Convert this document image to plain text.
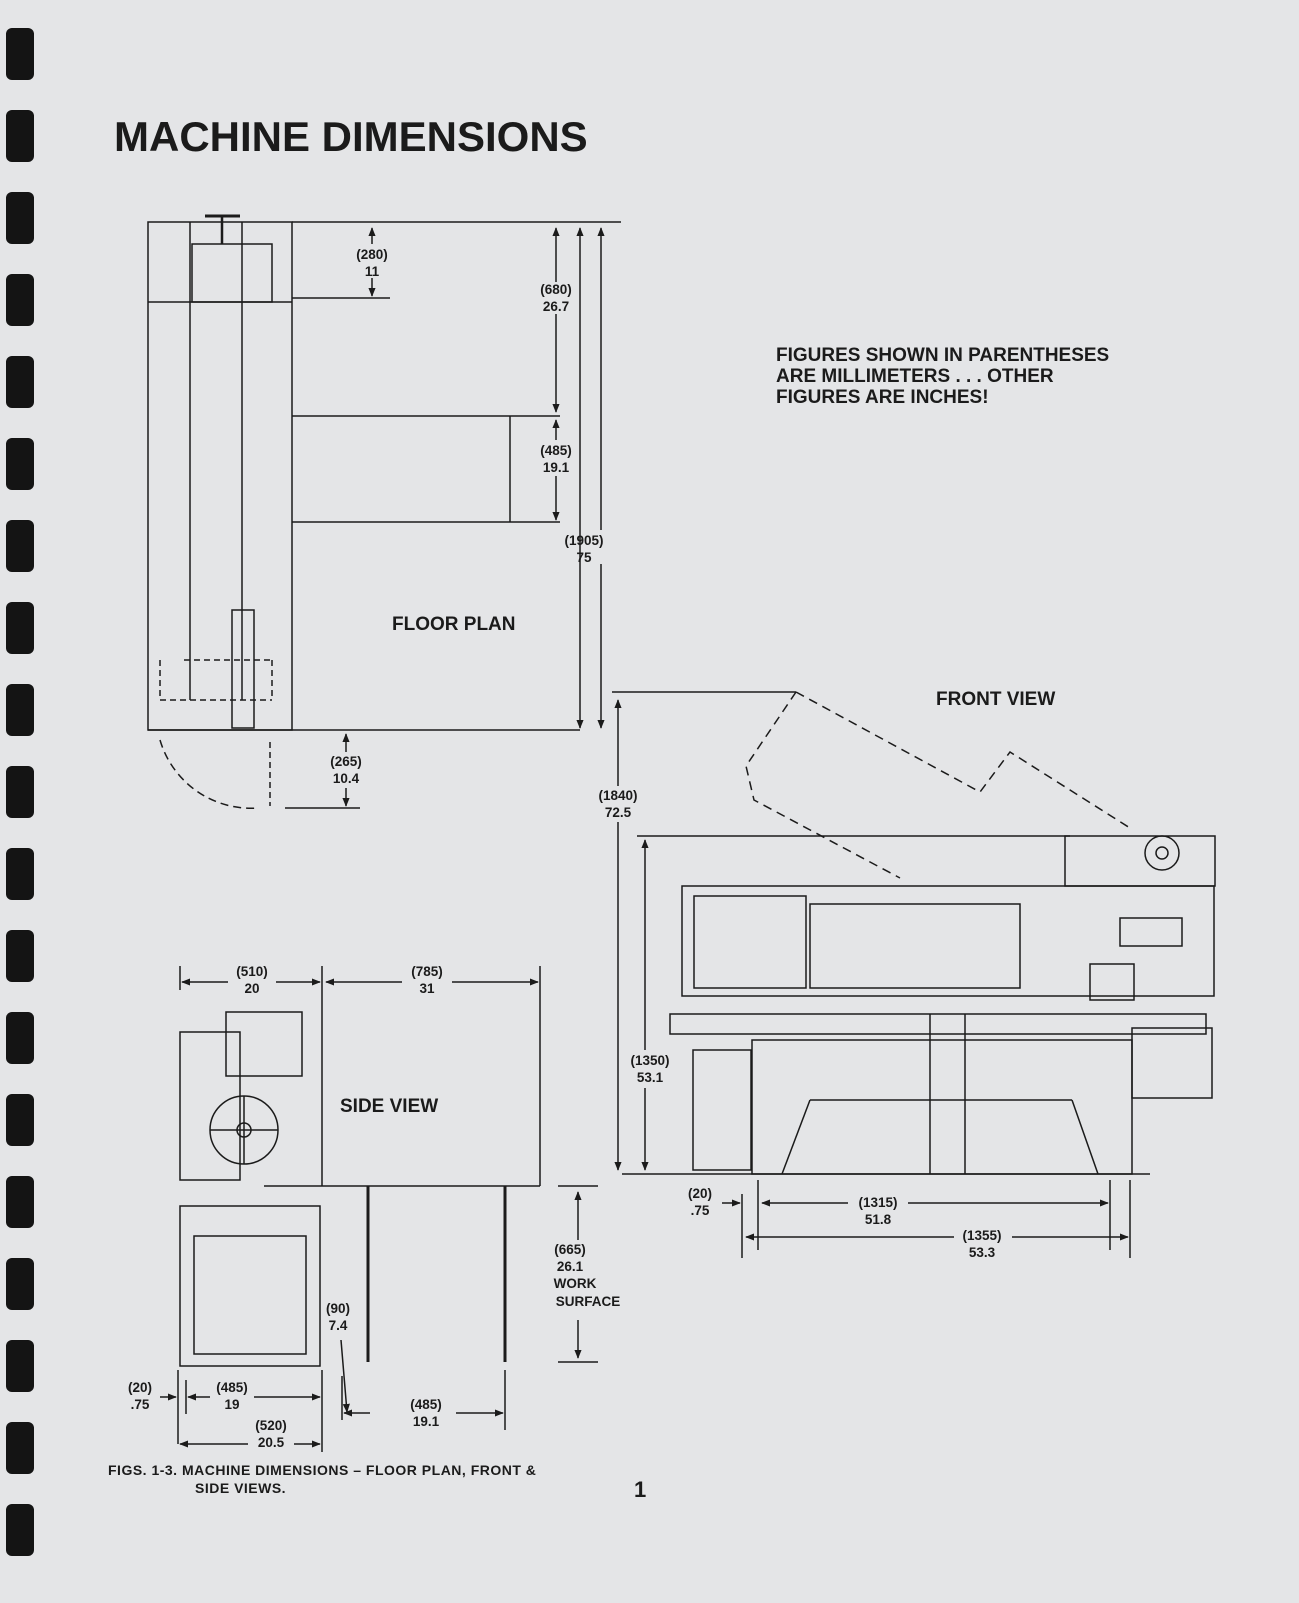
MACHINE DIMENSIONS
FIGURES SHOWN IN PARENTHESES
ARE MILLIMETERS . . . OTHER
FIGURES ARE INCHES!
FLOOR PLAN
(280)
11
(680)
26.7
(485)
19.1
(1905)
75
(265)
10.4
FRONT VIEW
(1840)
72.5
(1350)
53.1
(20)
.75
(1315)
51.8
(1355)
53.3
SIDE VIEW
(510)
20
(785)
31
(665)
26.1
WORK
SURFACE
(90)
7.4
(20)
.75
(485)
19	(485)
19.1
(520)
20.5
FIGS. 1-3. MACHINE DIMENSIONS – FLOOR PLAN, FRONT &
SIDE VIEWS.	1
